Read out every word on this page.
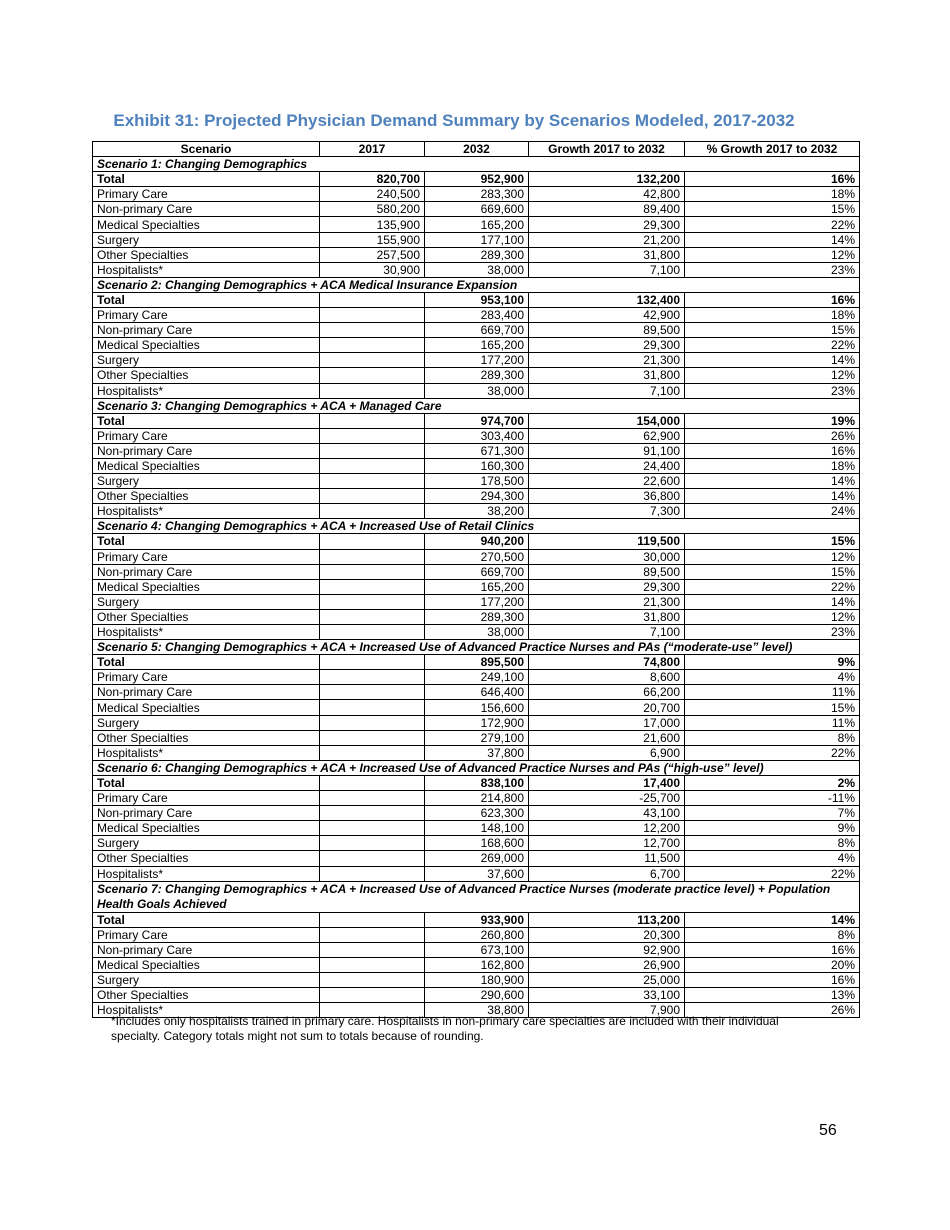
Exhibit 31: Projected Physician Demand Summary by Scenarios Modeled, 2017-2032
Scenario	2017	2032	Growth 2017 to 2032	% Growth 2017 to 2032
Scenario 1: Changing Demographics				
Total	820,700	952,900	132,200	16%
Primary Care	240,500	283,300	42,800	18%
Non-primary Care	580,200	669,600	89,400	15%
Medical Specialties	135,900	165,200	29,300	22%
Surgery	155,900	177,100	21,200	14%
Other Specialties	257,500	289,300	31,800	12%
Hospitalists*	30,900	38,000	7,100	23%
Scenario 2: Changing Demographics + ACA Medical Insurance Expansion				
Total		953,100	132,400	16%
Primary Care		283,400	42,900	18%
Non-primary Care		669,700	89,500	15%
Medical Specialties		165,200	29,300	22%
Surgery		177,200	21,300	14%
Other Specialties		289,300	31,800	12%
Hospitalists*		38,000	7,100	23%
Scenario 3: Changing Demographics + ACA + Managed Care				
Total		974,700	154,000	19%
Primary Care		303,400	62,900	26%
Non-primary Care		671,300	91,100	16%
Medical Specialties		160,300	24,400	18%
Surgery		178,500	22,600	14%
Other Specialties		294,300	36,800	14%
Hospitalists*		38,200	7,300	24%
Scenario 4: Changing Demographics + ACA + Increased Use of Retail Clinics				
Total		940,200	119,500	15%
Primary Care		270,500	30,000	12%
Non-primary Care		669,700	89,500	15%
Medical Specialties		165,200	29,300	22%
Surgery		177,200	21,300	14%
Other Specialties		289,300	31,800	12%
Hospitalists*		38,000	7,100	23%
Scenario 5: Changing Demographics + ACA + Increased Use of Advanced Practice Nurses and PAs (“moderate-use” level)				
Total		895,500	74,800	9%
Primary Care		249,100	8,600	4%
Non-primary Care		646,400	66,200	11%
Medical Specialties		156,600	20,700	15%
Surgery		172,900	17,000	11%
Other Specialties		279,100	21,600	8%
Hospitalists*		37,800	6,900	22%
Scenario 6: Changing Demographics + ACA + Increased Use of Advanced Practice Nurses and PAs (“high-use” level)				
Total		838,100	17,400	2%
Primary Care		214,800	-25,700	-11%
Non-primary Care		623,300	43,100	7%
Medical Specialties		148,100	12,200	9%
Surgery		168,600	12,700	8%
Other Specialties		269,000	11,500	4%
Hospitalists*		37,600	6,700	22%
Scenario 7: Changing Demographics + ACA + Increased Use of Advanced Practice Nurses (moderate practice level) + Population Health Goals Achieved				
Total		933,900	113,200	14%
Primary Care		260,800	20,300	8%
Non-primary Care		673,100	92,900	16%
Medical Specialties		162,800	26,900	20%
Surgery		180,900	25,000	16%
Other Specialties		290,600	33,100	13%
Hospitalists*		38,800	7,900	26%
*Includes only hospitalists trained in primary care. Hospitalists in non-primary care specialties are included with their individual specialty. Category totals might not sum to totals because of rounding.
56
